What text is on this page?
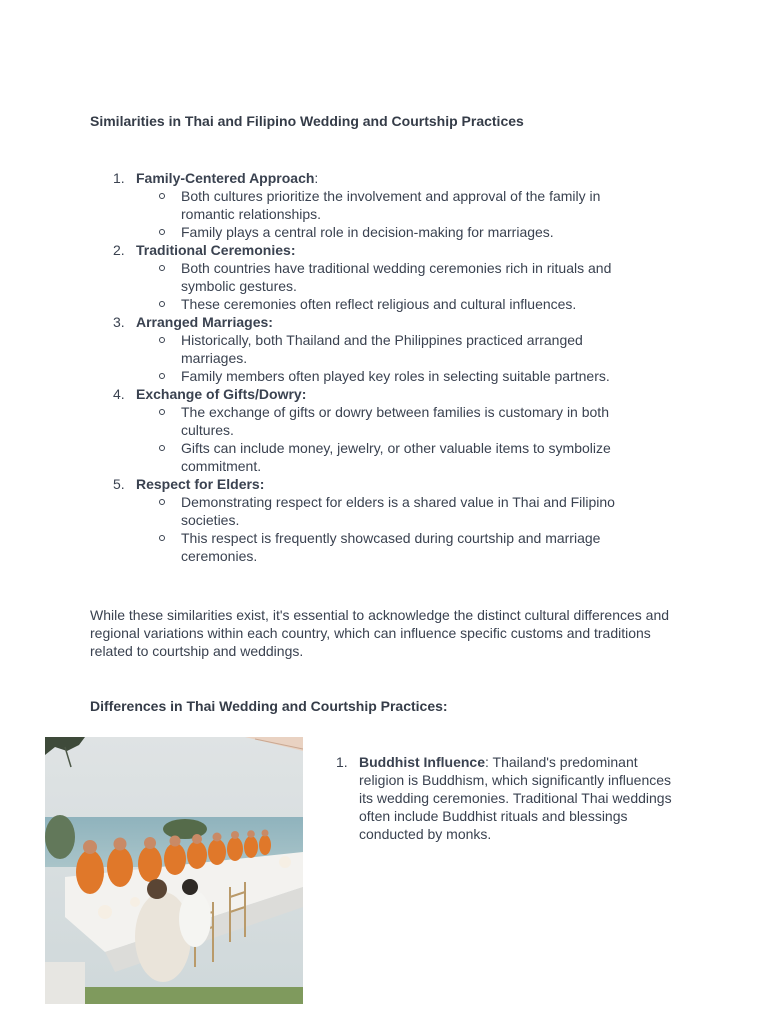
Similarities in Thai and Filipino Wedding and Courtship Practices
1. Family-Centered Approach:
Both cultures prioritize the involvement and approval of the family in romantic relationships.
Family plays a central role in decision-making for marriages.
2. Traditional Ceremonies:
Both countries have traditional wedding ceremonies rich in rituals and symbolic gestures.
These ceremonies often reflect religious and cultural influences.
3. Arranged Marriages:
Historically, both Thailand and the Philippines practiced arranged marriages.
Family members often played key roles in selecting suitable partners.
4. Exchange of Gifts/Dowry:
The exchange of gifts or dowry between families is customary in both cultures.
Gifts can include money, jewelry, or other valuable items to symbolize commitment.
5. Respect for Elders:
Demonstrating respect for elders is a shared value in Thai and Filipino societies.
This respect is frequently showcased during courtship and marriage ceremonies.

While these similarities exist, it's essential to acknowledge the distinct cultural differences and regional variations within each country, which can influence specific customs and traditions related to courtship and weddings.

Differences in Thai Wedding and Courtship Practices:
1. Buddhist Influence: Thailand's predominant religion is Buddhism, which significantly influences its wedding ceremonies. Traditional Thai weddings often include Buddhist rituals and blessings conducted by monks.
